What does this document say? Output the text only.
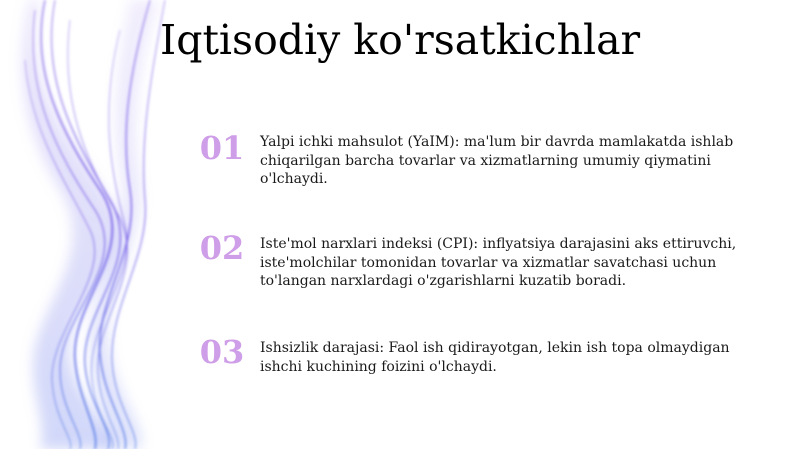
Iqtisodiy ko'rsatkichlar
01 Yalpi ichki mahsulot (YaIM): ma'lum bir davrda mamlakatda ishlab chiqarilgan barcha tovarlar va xizmatlarning umumiy qiymatini o'lchaydi.

02 Iste'mol narxlari indeksi (CPI): inflyatsiya darajasini aks ettiruvchi, iste'molchilar tomonidan tovarlar va xizmatlar savatchasi uchun to'langan narxlardagi o'zgarishlarni kuzatib boradi.

03 Ishsizlik darajasi: Faol ish qidirayotgan, lekin ish topa olmaydigan ishchi kuchining foizini o'lchaydi.
